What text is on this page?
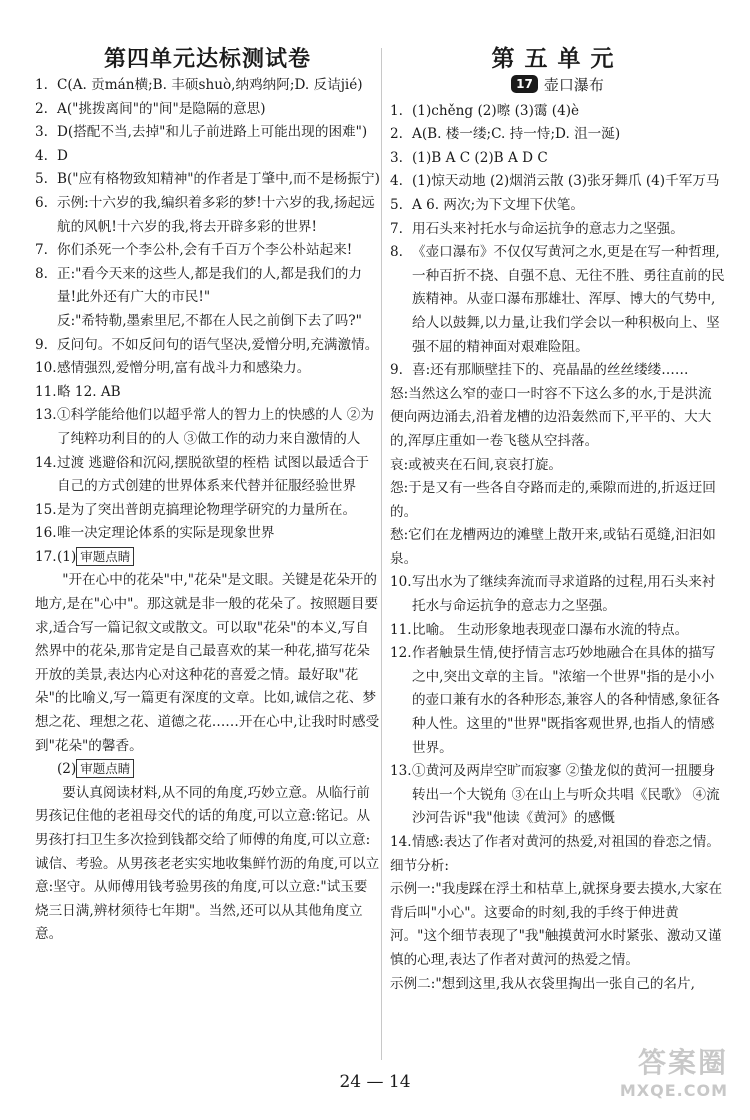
第四单元达标测试卷
1. C(A. 贡mán横;B. 丰硕shuò,纳鸡纳阿;D. 反诘jié)
2. A("挑拨离间"的"间"是隐隔的意思)
3. D(搭配不当,去掉"和儿子前进路上可能出现的困难")
4. D
5. B("应有格物致知精神"的作者是丁肇中,而不是杨振宁)
6. 示例:十六岁的我,编织着多彩的梦!十六岁的我,扬起远航的风帆!十六岁的我,将去开辟多彩的世界!
7. 你们杀死一个李公朴,会有千百万个李公朴站起来!
8. 正:"看今天来的这些人,都是我们的人,都是我们的力量!此外还有广大的市民!"
反:"希特勒,墨索里尼,不都在人民之前倒下去了吗?"
9. 反问句。不如反问句的语气坚决,爱憎分明,充满激情。
10. 感情强烈,爱憎分明,富有战斗力和感染力。
11. 略 12. AB
13. ①科学能给他们以超乎常人的智力上的快感的人 ②为了纯粹功利目的的人 ③做工作的动力来自激情的人
14. 过渡 逃避俗和沉闷,摆脱欲望的桎梏 试图以最适合于自己的方式创建的世界体系来代替并征服经验世界
15. 是为了突出普朗克搞理论物理学研究的力量所在。
16. 唯一决定理论体系的实际是现象世界
17. (1) 审题点睛
"开在心中的花朵"中,"花朵"是文眼。关键是花朵开的地方,是在"心中"。那这就是非一般的花朵了。按照题目要求,适合写一篇记叙文或散文。可以取"花朵"的本义,写自然界中的花朵,那肯定是自己最喜欢的某一种花,描写花朵开放的美景,表达内心对这种花的喜爱之情。最好取"花朵"的比喻义,写一篇更有深度的文章。比如,诚信之花、梦想之花、理想之花、道德之花……开在心中,让我时时感受到"花朵"的馨香。
(2) 审题点睛
要认真阅读材料,从不同的角度,巧妙立意。从临行前男孩记住他的老祖母交代的话的角度,可以立意:铭记。从男孩打扫卫生多次捡到钱都交给了师傅的角度,可以立意:诚信、考验。从男孩老老实实地收集鲜竹沥的角度,可以立意:坚守。从师傅用钱考验男孩的角度,可以立意:"试玉要烧三日满,辨材须待七年期"。当然,还可以从其他角度立意。
第五单元
17 壶口瀑布
1. (1)chěng (2)嚓 (3)霭 (4)è
2. A(B. 楼一缕;C. 持一恃;D. 沮一涎)
3. (1)B A C (2)B A D C
4. (1)惊天动地 (2)烟消云散 (3)张牙舞爪 (4)千军万马
5. A 6. 两次;为下文埋下伏笔。
7. 用石头来衬托水与命运抗争的意志力之坚强。
8. 《壶口瀑布》不仅仅写黄河之水,更是在写一种哲理,一种百折不挠、自强不息、无往不胜、勇往直前的民族精神。从壶口瀑布那雄壮、浑厚、博大的气势中,给人以鼓舞,以力量,让我们学会以一种积极向上、坚强不屈的精神面对艰难险阻。
9. 喜:还有那顺壁挂下的、亮晶晶的丝丝缕缕……
怒:当然这么窄的壶口一时容不下这么多的水,于是洪流便向两边涌去,沿着龙槽的边沿轰然而下,平平的、大大的,浑厚庄重如一卷飞毯从空抖落。
哀:或被夹在石间,哀哀打旋。
怨:于是又有一些各自夺路而走的,乘隙而进的,折返迂回的。
愁:它们在龙槽两边的滩壁上散开来,或钻石觅缝,汩汩如泉。
10. 写出水为了继续奔流而寻求道路的过程,用石头来衬托水与命运抗争的意志力之坚强。
11. 比喻。 生动形象地表现壶口瀑布水流的特点。
12. 作者触景生情,使抒情言志巧妙地融合在具体的描写之中,突出文章的主旨。"浓缩一个世界"指的是小小的壶口兼有水的各种形态,兼容人的各种情感,象征各种人性。这里的"世界"既指客观世界,也指人的情感世界。
13. ①黄河及两岸空旷而寂寥 ②蛰龙似的黄河一扭腰身转出一个大锐角 ③在山上与听众共唱《民歌》 ④流沙河告诉"我"他读《黄河》的感慨
14. 情感:表达了作者对黄河的热爱,对祖国的眷恋之情。
细节分析:
示例一:"我虔踩在浮土和枯草上,就探身要去摸水,大家在背后叫"小心"。这要命的时刻,我的手终于伸进黄河。"这个细节表现了"我"触摸黄河水时紧张、激动又谨慎的心理,表达了作者对黄河的热爱之情。
示例二:"想到这里,我从衣袋里掏出一张自己的名片,
24 — 14
答案圈
MXQE.COM
